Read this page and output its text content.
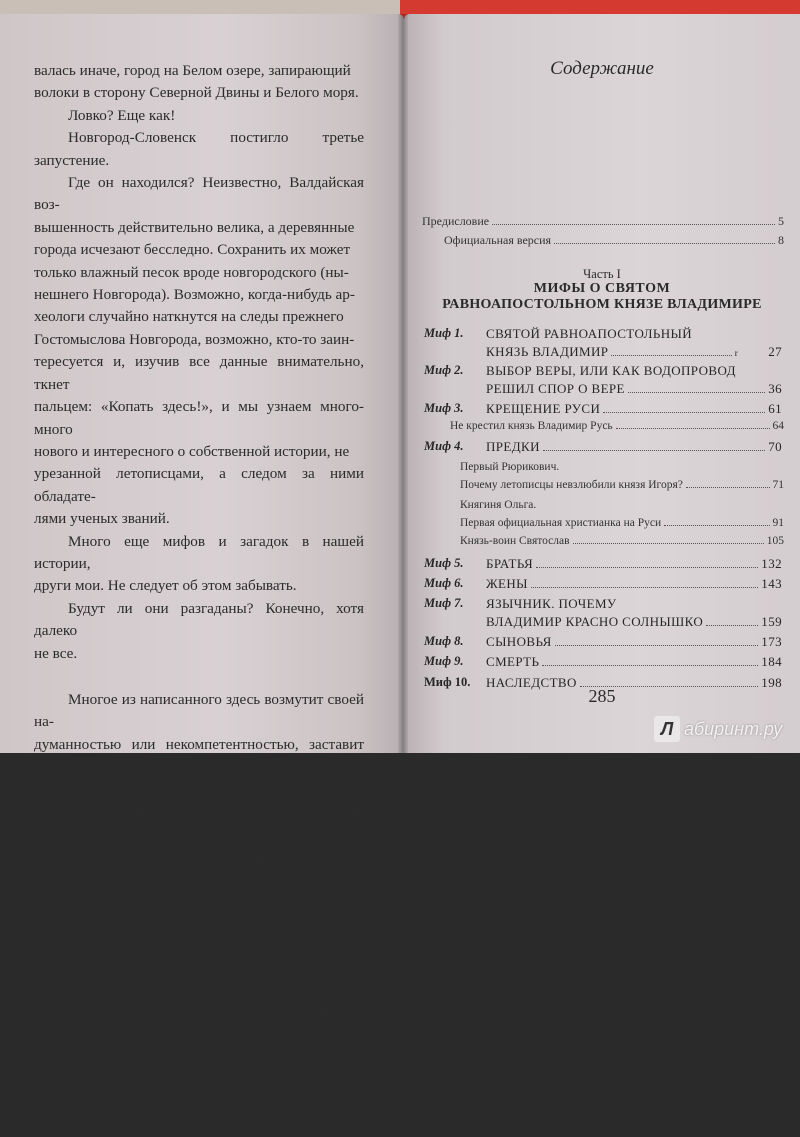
валась иначе, город на Белом озере, запирающий

волоки в сторону Северной Двины и Белого моря.

Ловко? Еще как!

Новгород-Словенск постигло третье запустение.

Где он находился? Неизвестно, Валдайская воз-

вышенность действительно велика, а деревянные

города исчезают бесследно. Сохранить их может

только влажный песок вроде новгородского (ны-

нешнего Новгорода). Возможно, когда-нибудь ар-

хеологи случайно наткнутся на следы прежнего

Гостомыслова Новгорода, возможно, кто-то заин-

тересуется и, изучив все данные внимательно, ткнет

пальцем: «Копать здесь!», и мы узнаем много-много

нового и интересного о собственной истории, не

урезанной летописцами, а следом за ними обладате-

лями ученых званий.

Много еще мифов и загадок в нашей истории,

други мои. Не следует об этом забывать.

Будут ли они разгаданы? Конечно, хотя далеко

не все.

Многое из написанного здесь возмутит своей на-

думанностью или некомпетентностью, заставит по-

морщиться или вовсе сесть к клавиатуре.

Это хорошо, это будет означать, что вы прочи-

тали книгу. А по поводу несогласия... так я и сама

с собой не всегда согласна, не так уж давно писала

нечто отличное от этого текста. Нельзя утверждать

истину в последней инстанции, истина она в дви-

жении, не может быть застывшей. Ибо все, что за-

стыло, мертво, а истина жива!

Дерзайте открывать ее снова и снова. И если для

этого вам понадобится разнести мои размышления

в пух и прах, я буду только рада, значит, вам не все

равно.

Содержание
Предисловие	5
Официальная версия	8
Часть I
МИФЫ О СВЯТОМ
РАВНОАПОСТОЛЬНОМ КНЯЗЕ ВЛАДИМИРЕ
Миф 1.	СВЯТОЙ РАВНОАПОСТОЛЬНЫЙ
КНЯЗЬ ВЛАДИМИР	r 27
Миф 2.	ВЫБОР ВЕРЫ, ИЛИ КАК ВОДОПРОВОД
РЕШИЛ СПОР О ВЕРЕ	36
Миф 3.	КРЕЩЕНИЕ РУСИ	61
Не крестил князь Владимир Русь	64
Миф 4.	ПРЕДКИ	70
Первый Рюрикович.
Почему летописцы невзлюбили князя Игоря?	71
Княгиня Ольга.
Первая официальная христианка на Руси	91
Князь-воин Святослав	105
Миф 5.	БРАТЬЯ	132
Миф 6.	ЖЕНЫ	143
Миф 7.	ЯЗЫЧНИК. ПОЧЕМУ
ВЛАДИМИР КРАСНО СОЛНЫШКО	159
Миф 8.	СЫНОВЬЯ	173
Миф 9.	СМЕРТЬ	184
Миф 10.	НАСЛЕДСТВО	198
285
Л абиринт.ру
